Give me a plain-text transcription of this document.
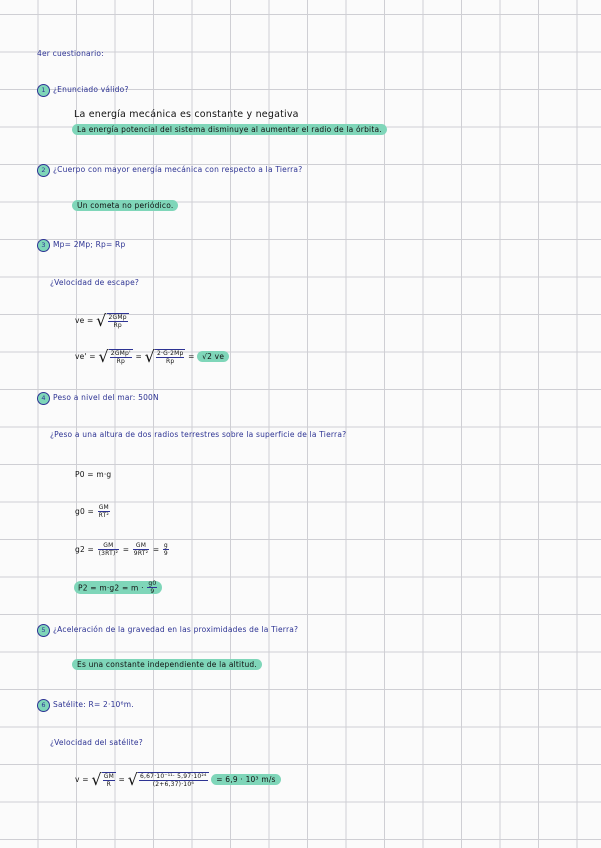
4er cuestionario:
1 ¿Enunciado válido?
La energía mecánica es constante y negativa
La energía potencial del sistema disminuye al aumentar el radio de la órbita.
2 ¿Cuerpo con mayor energía mecánica con respecto a la Tierra?
Un cometa no periódico.
3 Mp= 2Mp; Rp= Rp
¿Velocidad de escape?
ve = √ $\frac{\text{2GMp}}{Rp}$
ve' = √ $\frac{\text{2GMp'}}{Rp}$ = √ $\frac{2\cdot G\cdot 2Mp}{Rp} = √2$ ve
4 Peso a nivel del mar: 500N
¿Peso a una altura de dos radios terrestres sobre la superficie de la Tierra?
P0 = m·g
$g0 = \frac{GM}{\text{RT²}}$
$g2 = \frac{GM}{\text{(3RT)²}} = \frac{GM}{\text{9RT²}} = \frac{g}{9}$
$P2 = m\cdot g2 = m \cdot \frac{g0}{9}$
5 ¿Aceleración de la gravedad en las proximidades de la Tierra?
Es una constante independiente de la altitud.
6 Satélite: R= 2·10⁶m.
¿Velocidad del satélite?
v = √ $\frac{GM}{R}$ = √ $\frac{\text{6,67·10⁻¹¹· 5,97·10²⁴}}{\text{(2+6,37)·10⁶}} = 6,9 \cdot 10^3$ m/s
